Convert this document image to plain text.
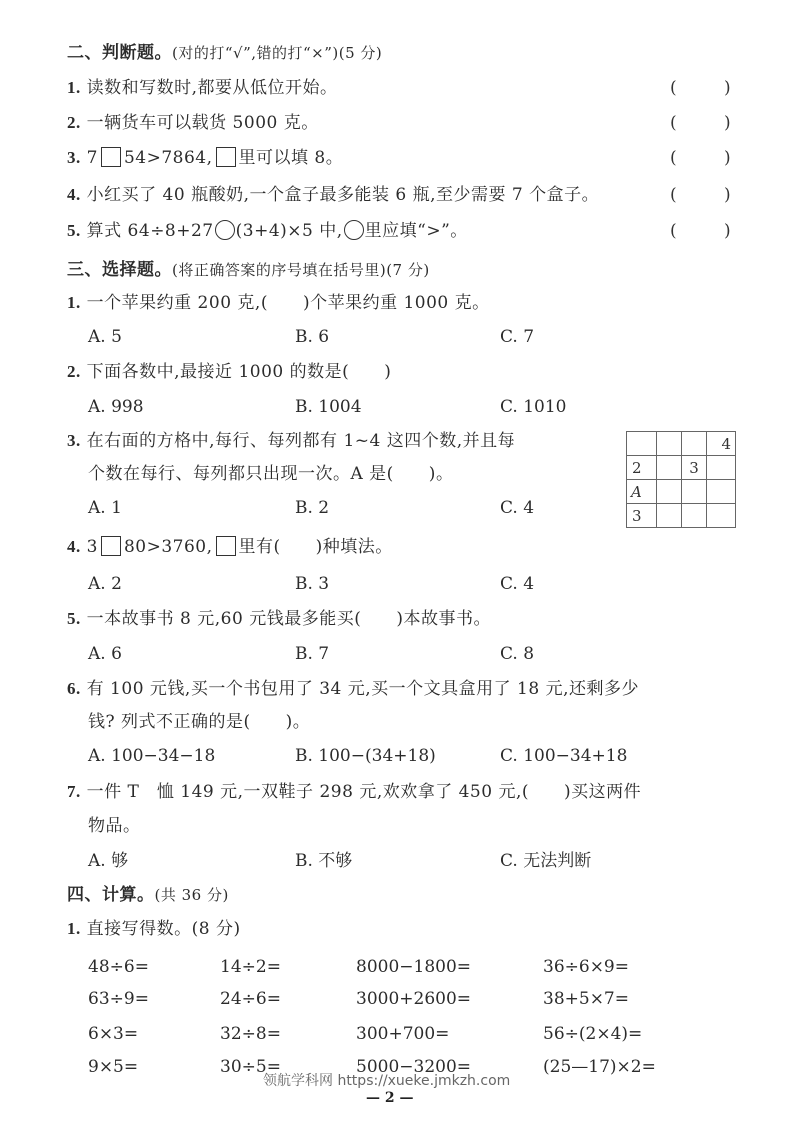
二、判断题。(对的打“√”,错的打“×”)(5 分)
1. 读数和写数时,都要从低位开始。	(	)
2. 一辆货车可以载货 5000 克。	(	)
3. 7 54>7864, 里可以填 8。	(	)
4. 小红买了 40 瓶酸奶,一个盒子最多能装 6 瓶,至少需要 7 个盒子。	(	)
5. 算式 64÷8+27 (3+4)×5 中, 里应填“>”。	(	)
三、选择题。(将正确答案的序号填在括号里)(7 分)
1. 一个苹果约重 200 克,(　　)个苹果约重 1000 克。
A. 5	B. 6	C. 7
2. 下面各数中,最接近 1000 的数是(　　)
A. 998	B. 1004	C. 1010
3. 在右面的方格中,每行、每列都有 1~4 这四个数,并且每
个数在每行、每列都只出现一次。A 是(　　)。
A. 1	B. 2	C. 4
			4
2		3	
A			
3			
4. 3 80>3760, 里有(　　)种填法。
A. 2	B. 3	C. 4
5. 一本故事书 8 元,60 元钱最多能买(　　)本故事书。
A. 6	B. 7	C. 8
6. 有 100 元钱,买一个书包用了 34 元,买一个文具盒用了 18 元,还剩多少
钱? 列式不正确的是(　　)。
A. 100−34−18	B. 100−(34+18)	C. 100−34+18
7. 一件 T　恤 149 元,一双鞋子 298 元,欢欢拿了 450 元,(　　)买这两件
物品。
A. 够	B. 不够	C. 无法判断
四、计算。(共 36 分)
1. 直接写得数。(8 分)
48÷6=	14÷2=	8000−1800=	36÷6×9=
63÷9=	24÷6=	3000+2600=	38+5×7=
6×3=	32÷8=	300+700=	56÷(2×4)=
9×5=	30÷5=	5000−3200=	(25—17)×2=
领航学科网 https://xueke.jmkzh.com
— 2 —
